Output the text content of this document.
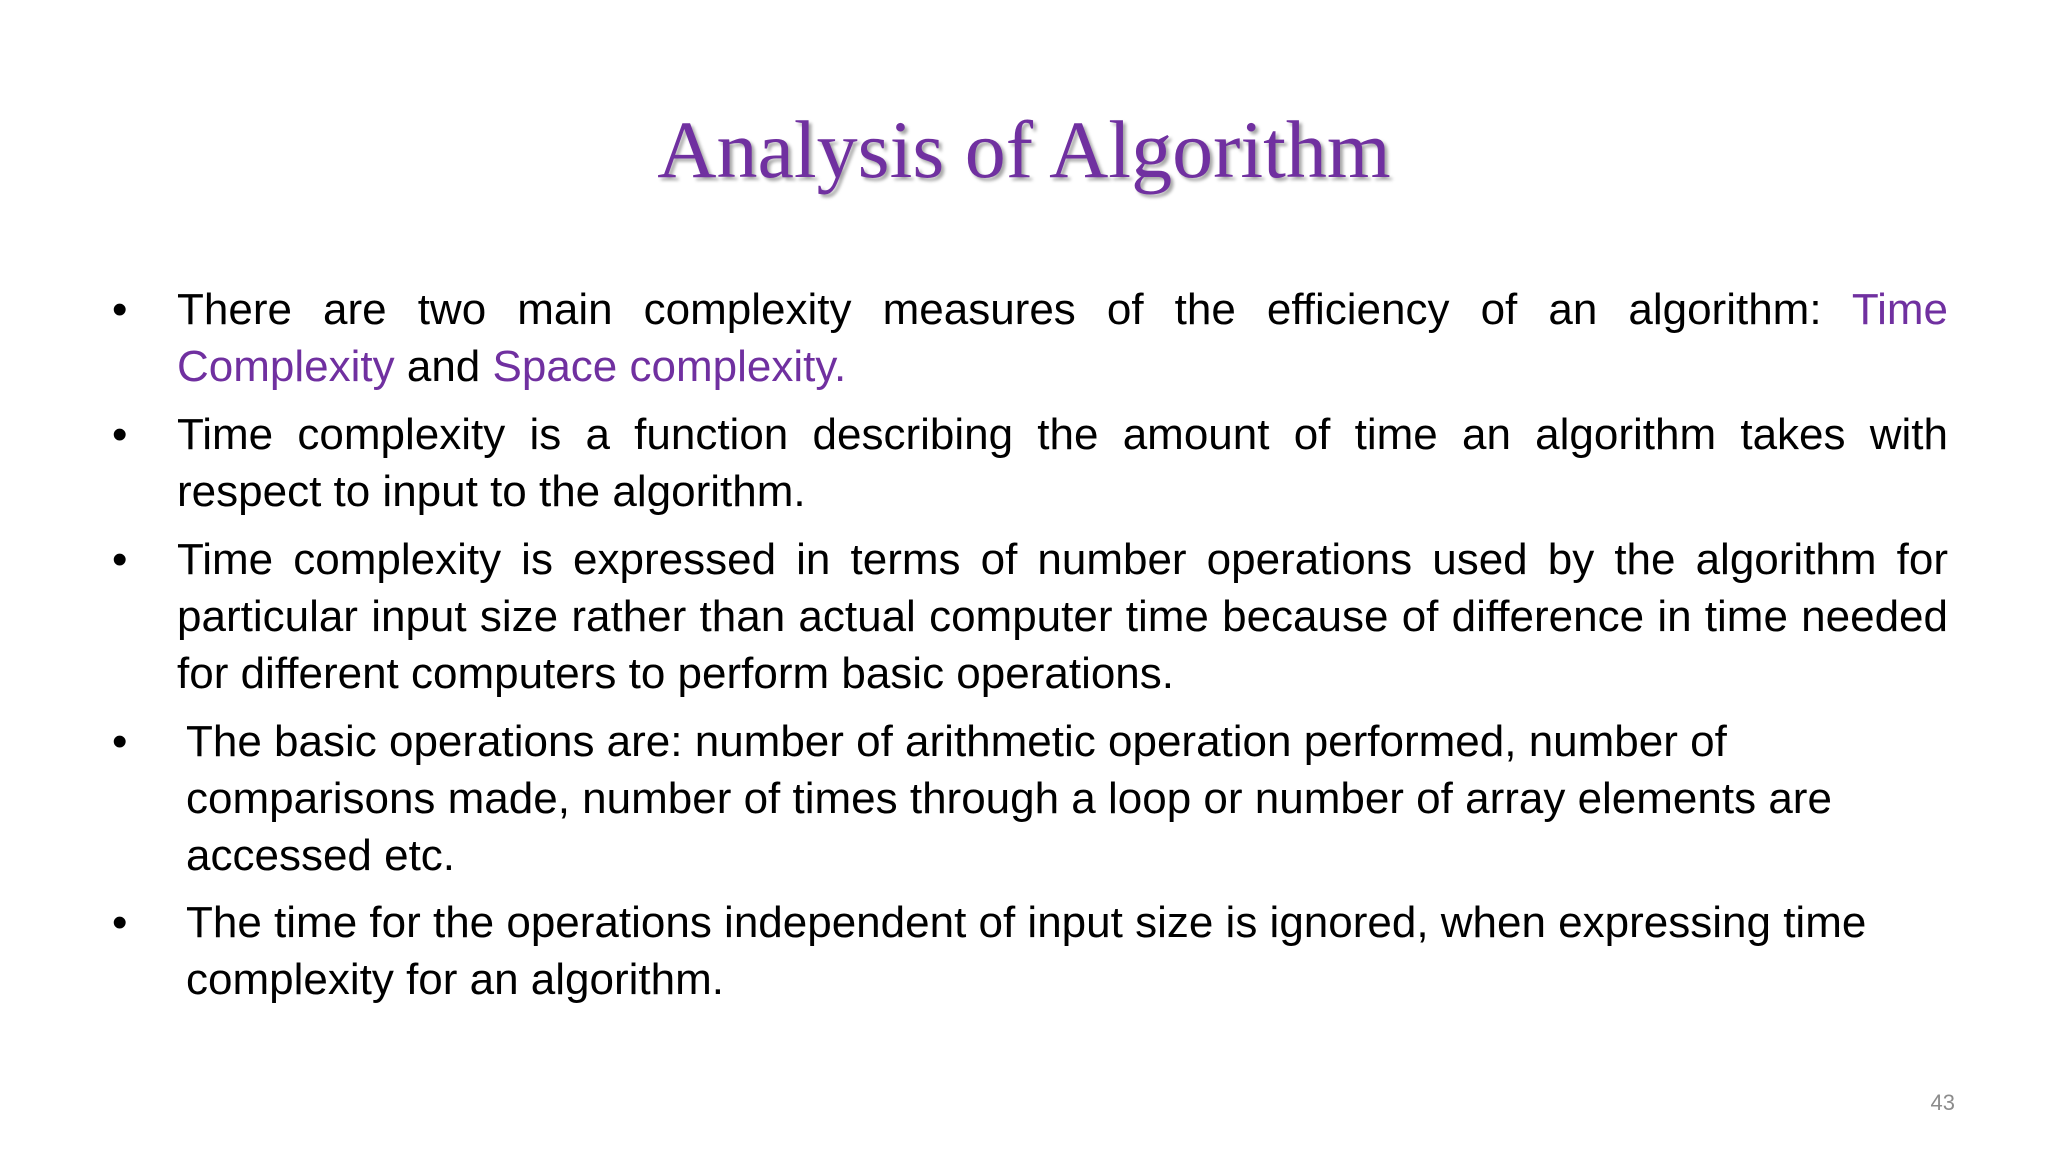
Analysis of Algorithm
• There are two main complexity measures of the efficiency of an algorithm: Time Complexity and Space complexity.
• Time complexity is a function describing the amount of time an algorithm takes with respect to input to the algorithm.
• Time complexity is expressed in terms of number operations used by the algorithm for particular input size rather than actual computer time because of difference in time needed for different computers to perform basic operations.
• The basic operations are: number of arithmetic operation performed, number of comparisons made, number of times through a loop or number of array elements are accessed etc.
• The time for the operations independent of input size is ignored, when expressing time complexity for an algorithm.
43
